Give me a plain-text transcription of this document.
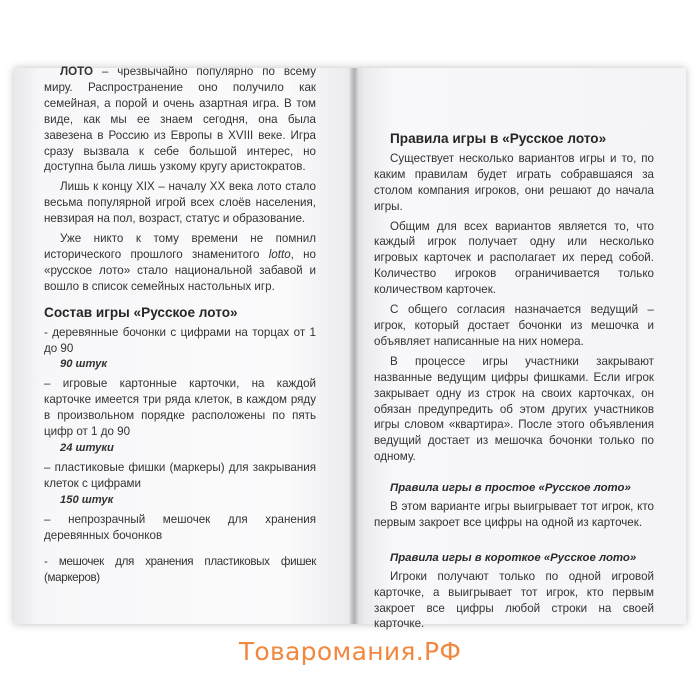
ЛОТО – чрезвычайно популярно по всему миру. Распространение оно получило как семейная, а порой и очень азартная игра. В том виде, как мы ее знаем сегодня, она была завезена в Россию из Европы в XVIII веке. Игра сразу вызвала к себе большой интерес, но доступна была лишь узкому кругу аристократов.

Лишь к концу XIX – началу XX века лото стало весьма популярной игрой всех слоёв населения, невзирая на пол, возраст, статус и образование.

Уже никто к тому времени не помнил исторического прошлого знаменитого lotto, но «русское лото» стало национальной забавой и вошло в список семейных настольных игр.

Состав игры «Русское лото»

- деревянные бочонки с цифрами на торцах от 1 до 90

90 штук

– игровые картонные карточки, на каждой карточке имеется три ряда клеток, в каждом ряду в произвольном порядке расположены по пять цифр от 1 до 90

24 штуки

– пластиковые фишки (маркеры) для закрывания клеток с цифрами

150 штук

– непрозрачный мешочек для хранения деревянных бочонков

- мешочек для хранения пластиковых фишек (маркеров)

Правила игры в «Русское лото»

Существует несколько вариантов игры и то, по каким правилам будет играть собравшаяся за столом компания игроков, они решают до начала игры.

Общим для всех вариантов является то, что каждый игрок получает одну или несколько игровых карточек и располагает их перед собой. Количество игроков ограничивается только количеством карточек.

С общего согласия назначается ведущий – игрок, который достает бочонки из мешочка и объявляет написанные на них номера.

В процессе игры участники закрывают названные ведущим цифры фишками. Если игрок закрывает одну из строк на своих карточках, он обязан предупредить об этом других участников игры словом «квартира». После этого объявления ведущий достает из мешочка бочонки только по одному.

Правила игры в простое «Русское лото»

В этом варианте игры выигрывает тот игрок, кто первым закроет все цифры на одной из карточек.

Правила игры в короткое «Русское лото»

Игроки получают только по одной игровой карточке, а выигрывает тот игрок, кто первым закроет все цифры любой строки на своей карточке.

Товаромания.РФ
